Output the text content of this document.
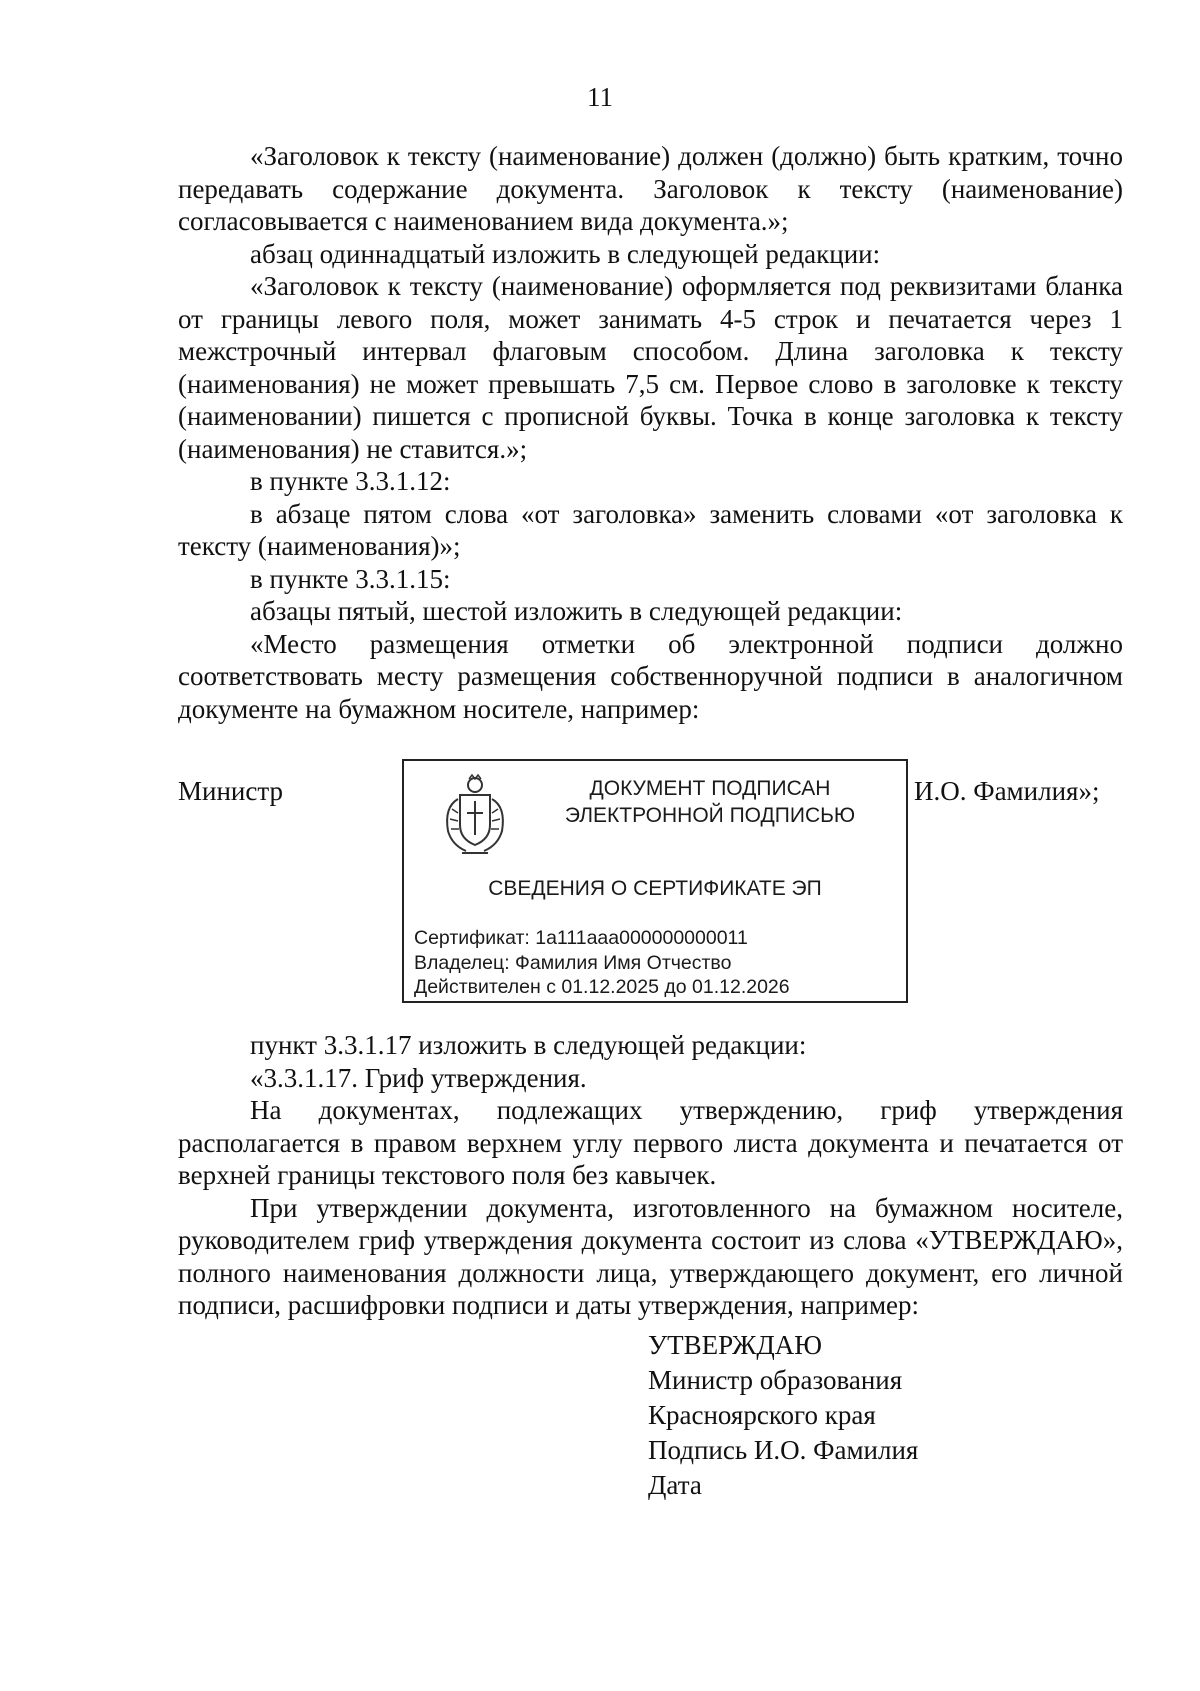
11

«Заголовок к тексту (наименование) должен (должно) быть кратким, точно передавать содержание документа. Заголовок к тексту (наименование) согласовывается с наименованием вида документа.»;

абзац одиннадцатый изложить в следующей редакции:

«Заголовок к тексту (наименование) оформляется под реквизитами бланка от границы левого поля, может занимать 4-5 строк и печатается через 1 межстрочный интервал флаговым способом. Длина заголовка к тексту (наименования) не может превышать 7,5 см. Первое слово в заголовке к тексту (наименовании) пишется с прописной буквы. Точка в конце заголовка к тексту (наименования) не ставится.»;

в пункте 3.3.1.12:

в абзаце пятом слова «от заголовка» заменить словами «от заголовка к тексту (наименования)»;

в пункте 3.3.1.15:

абзацы пятый, шестой изложить в следующей редакции:

«Место размещения отметки об электронной подписи должно соответствовать месту размещения собственноручной подписи в аналогичном документе на бумажном носителе, например:

Министр	ДОКУМЕНТ ПОДПИСАН
ЭЛЕКТРОННОЙ ПОДПИСЬЮ
СВЕДЕНИЯ О СЕРТИФИКАТЕ ЭП
Сертификат: 1a111aaa000000000011
Владелец: Фамилия Имя Отчество
Действителен с 01.12.2025 до 01.12.2026
И.О. Фамилия»;

пункт 3.3.1.17 изложить в следующей редакции:

«3.3.1.17. Гриф утверждения.

На документах, подлежащих утверждению, гриф утверждения располагается в правом верхнем углу первого листа документа и печатается от верхней границы текстового поля без кавычек.

При утверждении документа, изготовленного на бумажном носителе, руководителем гриф утверждения документа состоит из слова «УТВЕРЖДАЮ», полного наименования должности лица, утверждающего документ, его личной подписи, расшифровки подписи и даты утверждения, например:

УТВЕРЖДАЮ
Министр образования
Красноярского края
Подпись И.О. Фамилия
Дата
